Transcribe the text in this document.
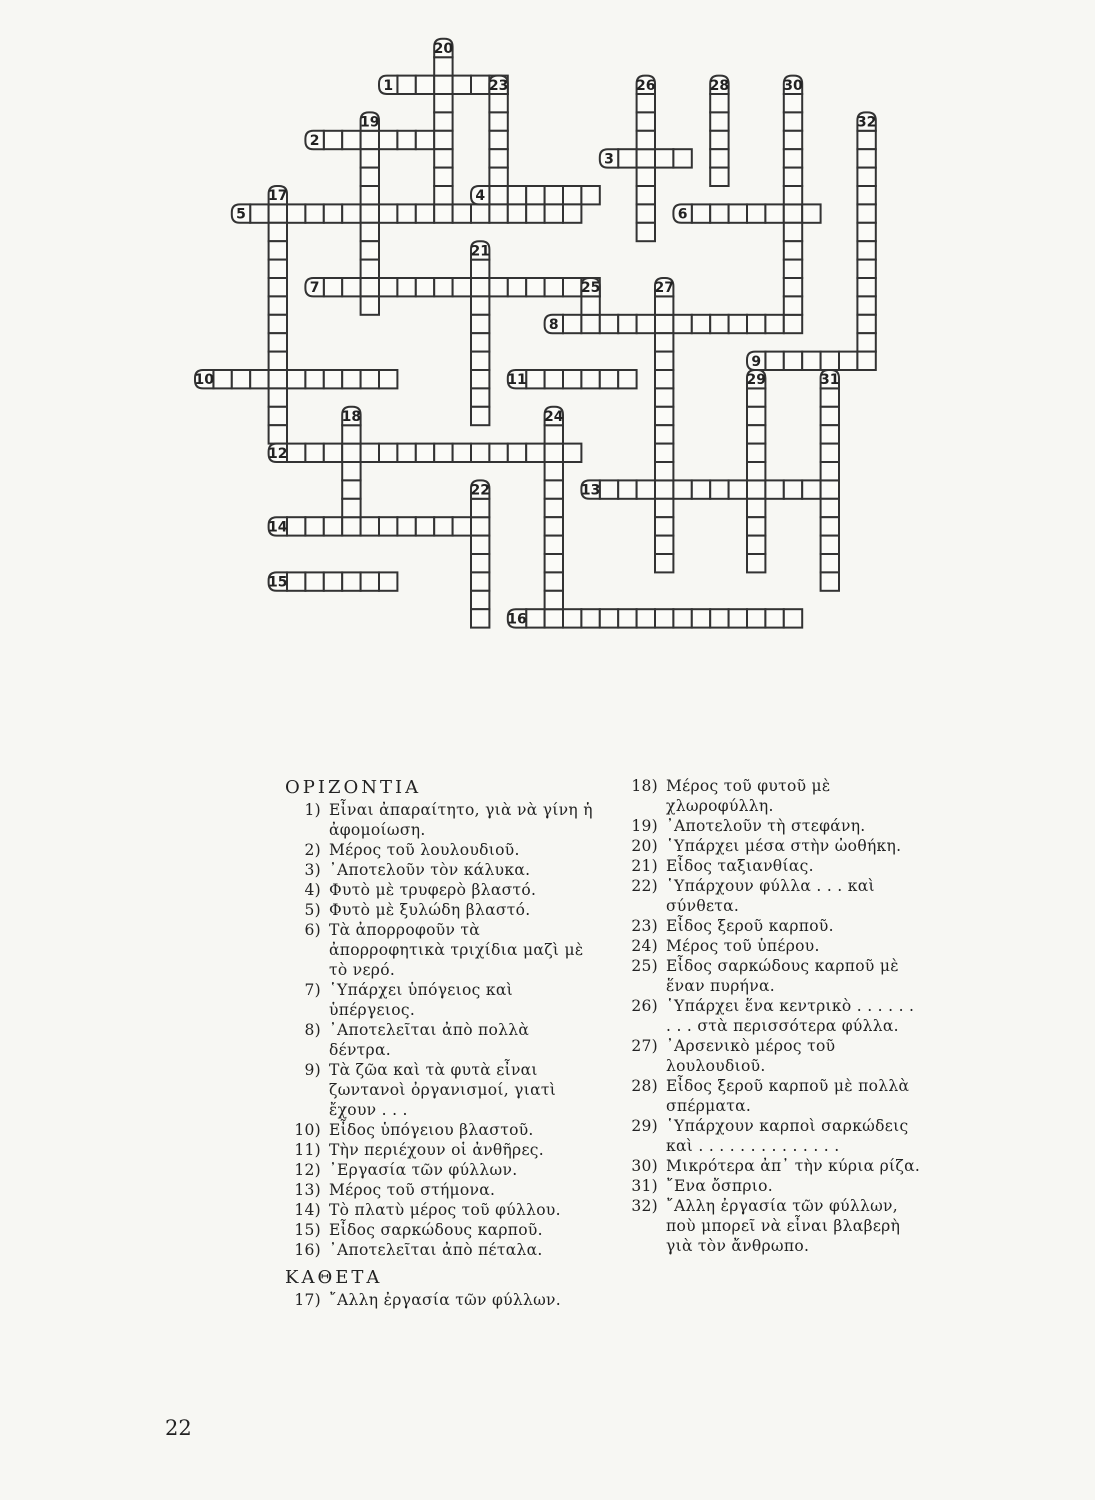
1
2
3
4
5	6
7
8
9
10	11
12
13
14
15
16
17
18
19
20
21
22
23
24
25
26
27
28
29
30
31
32
ΟΡΙΖΟΝΤΙΑ
1) Εἶναι ἀπαραίτητο, γιὰ νὰ γίνη ἡ ἀφομοίωση.
2) Μέρος τοῦ λουλουδιοῦ.
3) ᾿Αποτελοῦν τὸν κάλυκα.
4) Φυτὸ μὲ τρυφερὸ βλαστό.
5) Φυτὸ μὲ ξυλώδη βλαστό.
6) Τὰ ἀπορροφοῦν τὰ ἀπορροφητικὰ τριχίδια μαζὶ μὲ τὸ νερό.
7) ῾Υπάρχει ὑπόγειος καὶ ὑπέργειος.
8) ᾿Αποτελεῖται ἀπὸ πολλὰ δέντρα.
9) Τὰ ζῶα καὶ τὰ φυτὰ εἶναι ζωντανοὶ ὀργανισμοί, γιατὶ ἔχουν . . .
10) Εἶδος ὑπόγειου βλαστοῦ.
11) Τὴν περιέχουν οἱ ἀνθῆρες.
12) ᾿Εργασία τῶν φύλλων.
13) Μέρος τοῦ στήμονα.
14) Τὸ πλατὺ μέρος τοῦ φύλλου.
15) Εἶδος σαρκώδους καρποῦ.
16) ᾿Αποτελεῖται ἀπὸ πέταλα.
ΚΑΘΕΤΑ
17) ῎Αλλη ἐργασία τῶν φύλλων.
18) Μέρος τοῦ φυτοῦ μὲ χλωροφύλλη.
19) ᾿Αποτελοῦν τὴ στεφάνη.
20) ῾Υπάρχει μέσα στὴν ὠοθήκη.
21) Εἶδος ταξιανθίας.
22) ῾Υπάρχουν φύλλα . . . καὶ σύνθετα.
23) Εἶδος ξεροῦ καρποῦ.
24) Μέρος τοῦ ὑπέρου.
25) Εἶδος σαρκώδους καρποῦ μὲ ἕναν πυρήνα.
26) ῾Υπάρχει ἕνα κεντρικὸ . . . . . . . . . στὰ περισσότερα φύλλα.
27) ᾿Αρσενικὸ μέρος τοῦ λουλουδιοῦ.
28) Εἶδος ξεροῦ καρποῦ μὲ πολλὰ σπέρματα.
29) ῾Υπάρχουν καρποὶ σαρκώδεις καὶ . . . . . . . . . . . . . .
30) Μικρότερα ἀπ᾿ τὴν κύρια ρίζα.
31) ῎Ενα ὄσπριο.
32) ῎Αλλη ἐργασία τῶν φύλλων, ποὺ μπορεῖ νὰ εἶναι βλαβερὴ γιὰ τὸν ἄνθρωπο.
22
